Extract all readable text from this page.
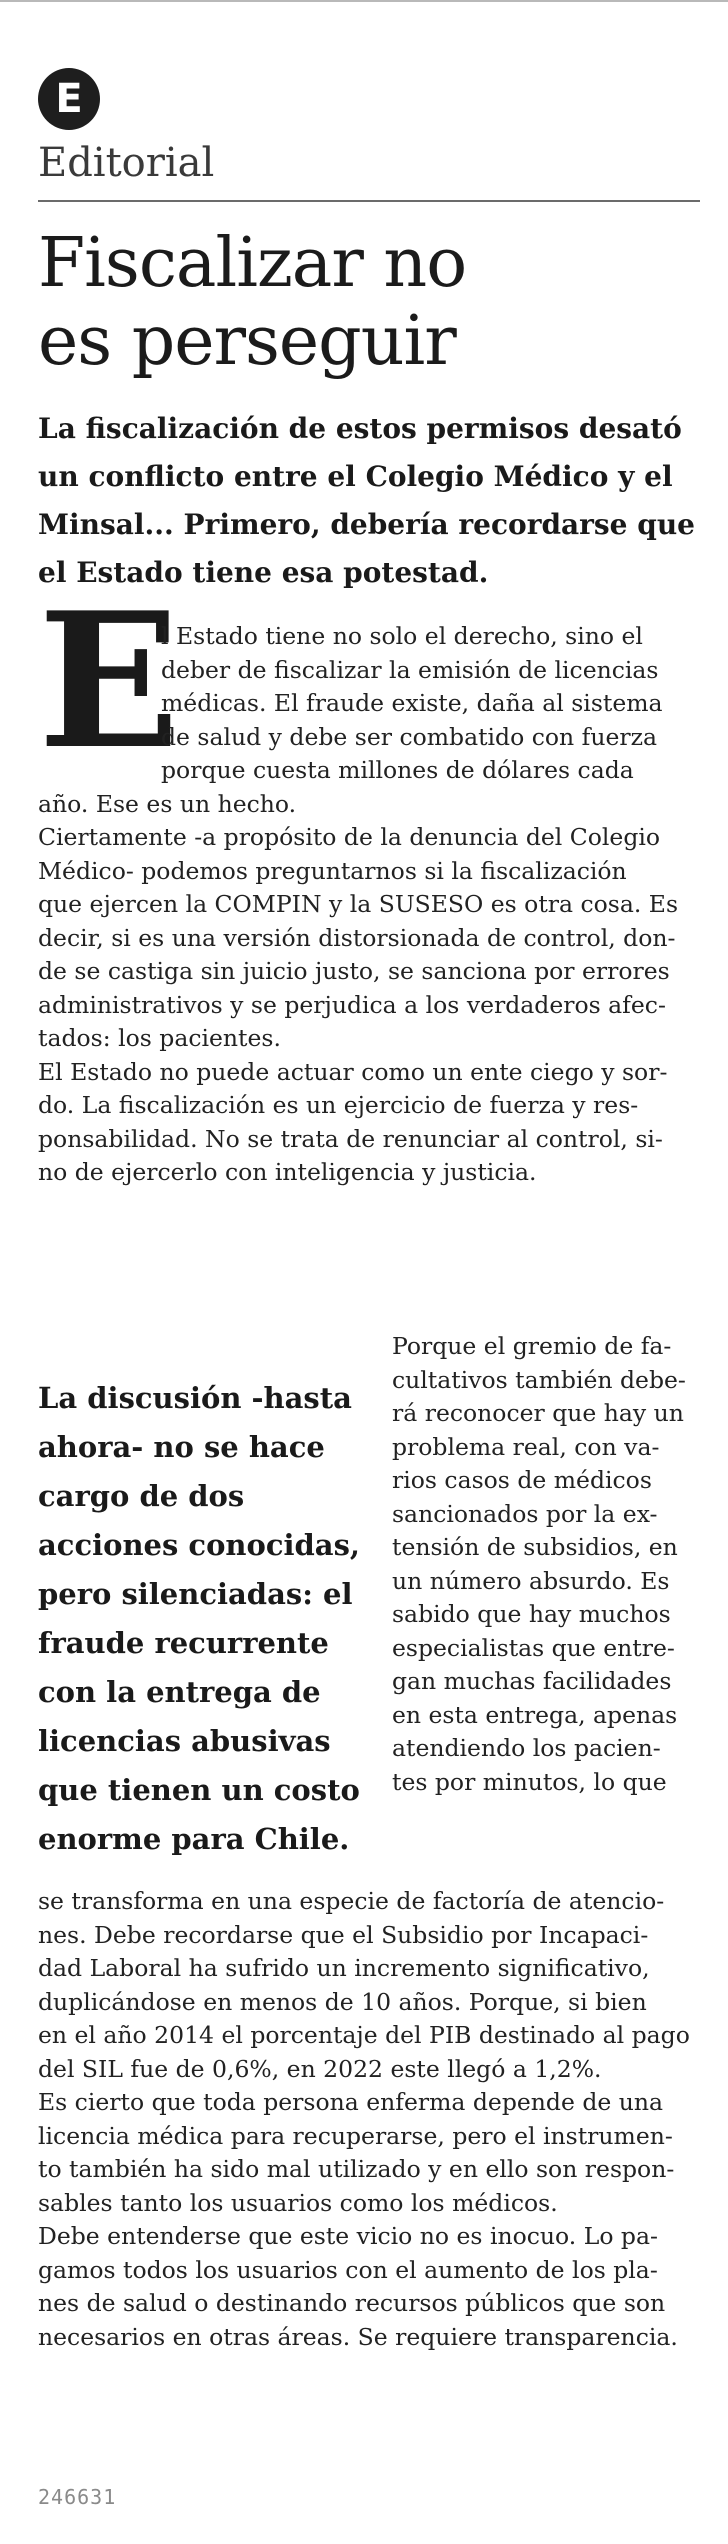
E
Editorial
Fiscalizar no
es perseguir
La fiscalización de estos permisos desató
un conflicto entre el Colegio Médico y el
Minsal... Primero, debería recordarse que
el Estado tiene esa potestad.
E
l Estado tiene no solo el derecho, sino el
deber de fiscalizar la emisión de licencias
médicas. El fraude existe, daña al sistema
de salud y debe ser combatido con fuerza
porque cuesta millones de dólares cada
año. Ese es un hecho.
Ciertamente -a propósito de la denuncia del Colegio
Médico- podemos preguntarnos si la fiscalización
que ejercen la COMPIN y la SUSESO es otra cosa. Es
decir, si es una versión distorsionada de control, don-
de se castiga sin juicio justo, se sanciona por errores
administrativos y se perjudica a los verdaderos afec-
tados: los pacientes.
El Estado no puede actuar como un ente ciego y sor-
do. La fiscalización es un ejercicio de fuerza y res-
ponsabilidad. No se trata de renunciar al control, si-
no de ejercerlo con inteligencia y justicia.
La discusión -hasta
ahora- no se hace
cargo de dos
acciones conocidas,
pero silenciadas: el
fraude recurrente
con la entrega de
licencias abusivas
que tienen un costo
enorme para Chile.
Porque el gremio de fa-
cultativos también debe-
rá reconocer que hay un
problema real, con va-
rios casos de médicos
sancionados por la ex-
tensión de subsidios, en
un número absurdo. Es
sabido que hay muchos
especialistas que entre-
gan muchas facilidades
en esta entrega, apenas
atendiendo los pacien-
tes por minutos, lo que
se transforma en una especie de factoría de atencio-
nes. Debe recordarse que el Subsidio por Incapaci-
dad Laboral ha sufrido un incremento significativo,
duplicándose en menos de 10 años. Porque, si bien
en el año 2014 el porcentaje del PIB destinado al pago
del SIL fue de 0,6%, en 2022 este llegó a 1,2%.
Es cierto que toda persona enferma depende de una
licencia médica para recuperarse, pero el instrumen-
to también ha sido mal utilizado y en ello son respon-
sables tanto los usuarios como los médicos.
Debe entenderse que este vicio no es inocuo. Lo pa-
gamos todos los usuarios con el aumento de los pla-
nes de salud o destinando recursos públicos que son
necesarios en otras áreas. Se requiere transparencia.
246631
